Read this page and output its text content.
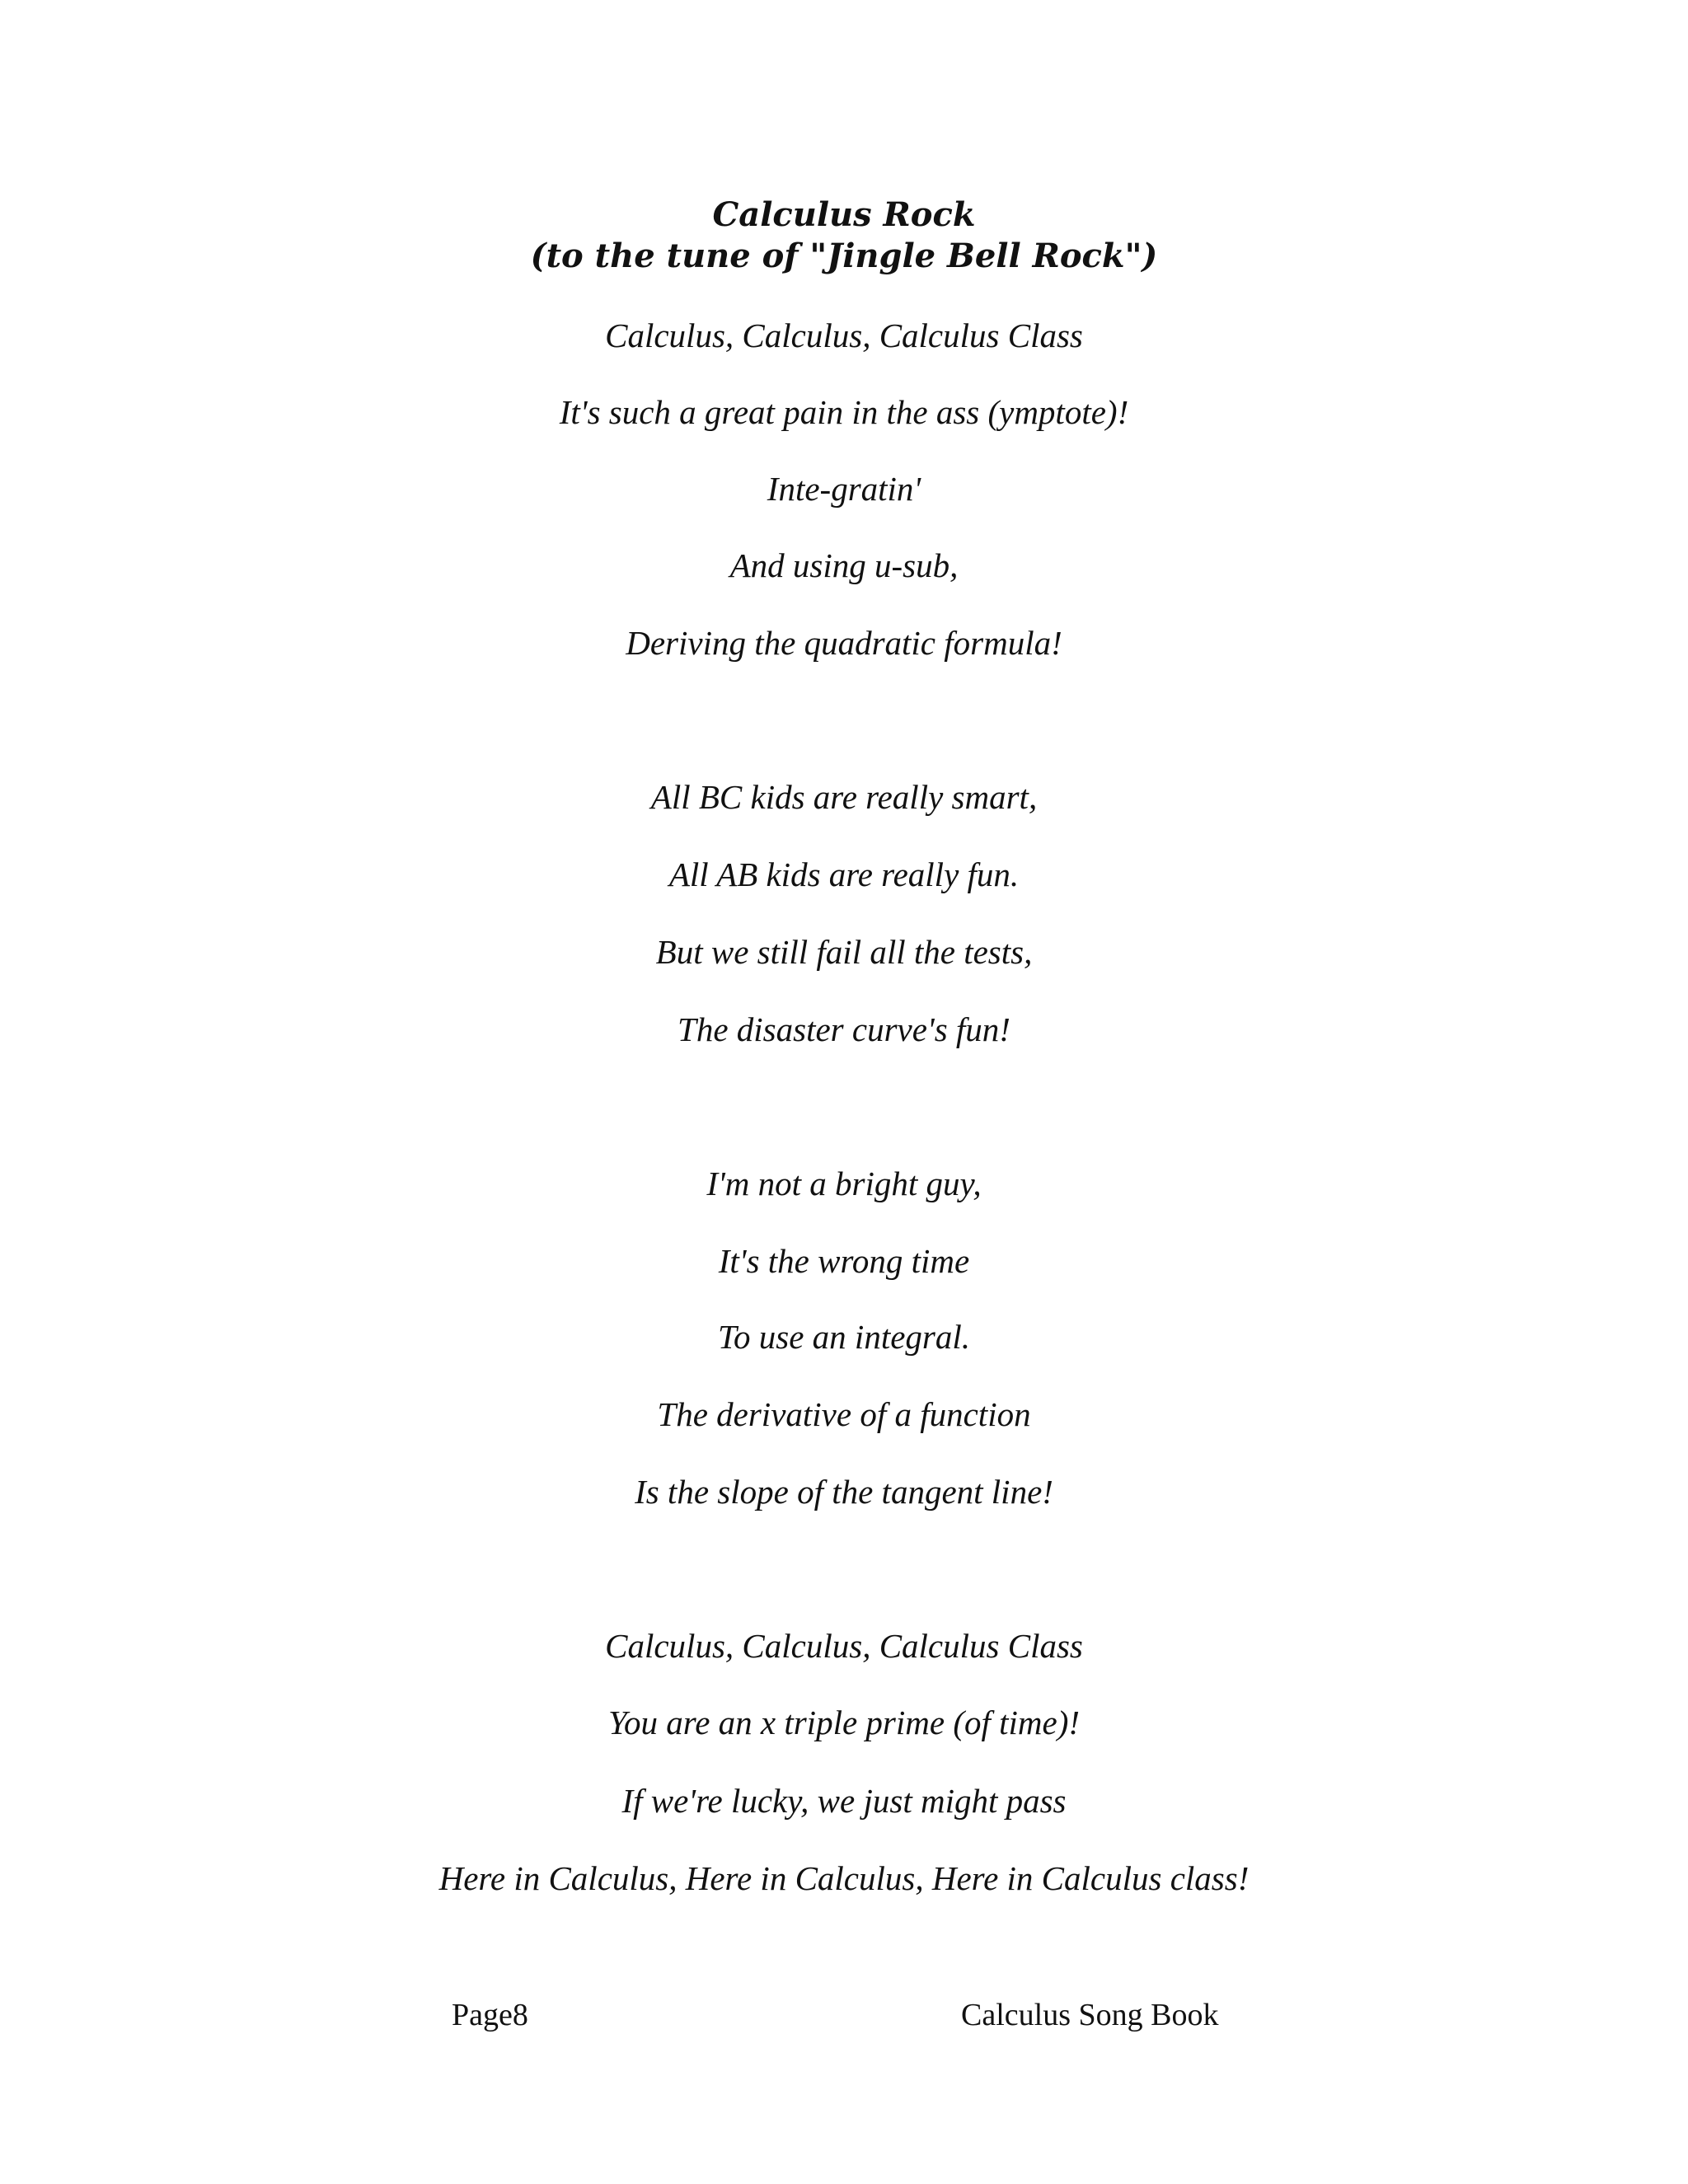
Calculus Rock
(to the tune of "Jingle Bell Rock")
Calculus, Calculus, Calculus Class
It's such a great pain in the ass (ymptote)!
Inte-gratin'
And using u-sub,
Deriving the quadratic formula!
All BC kids are really smart,
All AB kids are really fun.
But we still fail all the tests,
The disaster curve's fun!
I'm not a bright guy,
It's the wrong time
To use an integral.
The derivative of a function
Is the slope of the tangent line!
Calculus, Calculus, Calculus Class
You are an x triple prime (of time)!
If we're lucky, we just might pass
Here in Calculus, Here in Calculus, Here in Calculus class!
Page8	Calculus Song Book
